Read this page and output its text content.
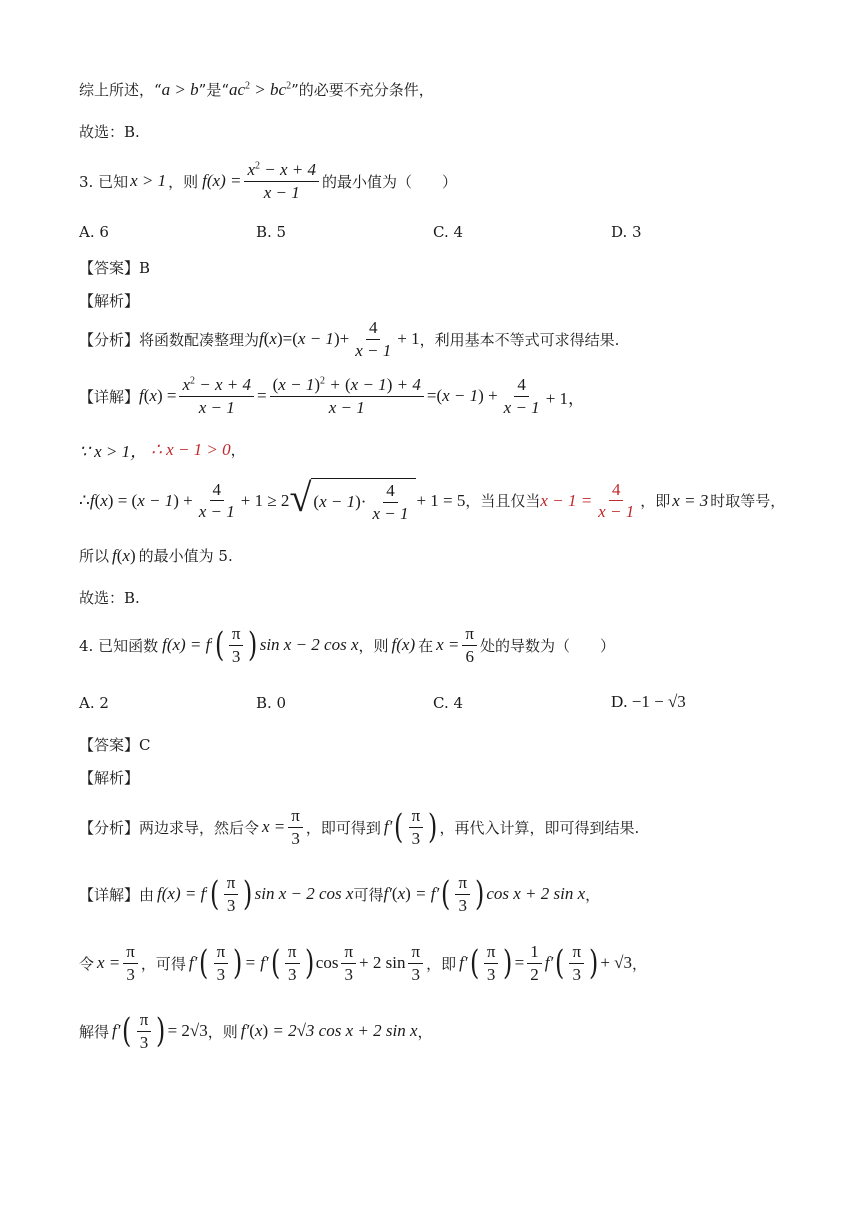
综上所述，“ a > b ”是“ $ac^2 > bc^2$ ”的必要不充分条件，
故选：B.
3. 已知 x > 1 ，则 $f(x) = \frac{x^2 - x + 4}{x - 1}$ 的最小值为（　　）
A. 6	B. 5	C. 4	D. 3
【答案】B
【解析】
【分析】将函数配凑整理为 $f(x) = (x - 1) + \frac{4}{x - 1} + 1$ ，利用基本不等式可求得结果.
【详解】 $f(x) = \frac{x^2 - x + 4}{x - 1} = \frac{(x - 1)^2 + (x - 1) + 4}{x - 1} = (x - 1) + \frac{4}{x - 1} + 1$，
∵ x > 1， ∴ x − 1 > 0 ，
∴ $f(x) = (x - 1) + \frac{4}{x - 1} + 1 \ge 2$ √ ( x − 1 ) · $\frac{4}{x - 1} + 1 = 5$ ，当且仅当 $x - 1 = \frac{4}{x - 1}$ ，即 x = 3 时取等号，
所以 f(x) 的最小值为 5.
故选：B.
4. 已知函数 f(x) = f ′ ( $\frac{\pi}{3}$ ) sin x − 2 cos x ，则 f(x) 在 $x = \frac{\pi}{6}$ 处的导数为（　　）
A. 2	B. 0	C. 4	D. −1 − √3
【答案】C
【解析】
【分析】两边求导，然后令 $x = \frac{\pi}{3}$ ，即可得到 f′ ( $\frac{\pi}{3}$ ) ，再代入计算，即可得到结果.
【详解】由 f(x) = f ′ ( $\frac{\pi}{3}$ ) sin x − 2 cos x 可得 f′(x) = f′ ( $\frac{\pi}{3}$ ) cos x + 2 sin x ，
令 $x = \frac{\pi}{3}$ ，可得 f′ ( $\frac{\pi}{3}$ ) = f′ ( $\frac{\pi}{3}$ ) $\cos \frac{\pi}{3} + 2$ $\sin \frac{\pi}{3}$ ，即 f′ ( $\frac{\pi}{3}$ ) = $\frac{1}{2} f'$ ( $\frac{\pi}{3}$ ) + √3 ，
解得 f′ ( $\frac{\pi}{3}$ ) = 2√3 ，则 f′(x) = 2√3 cos x + 2 sin x ，
